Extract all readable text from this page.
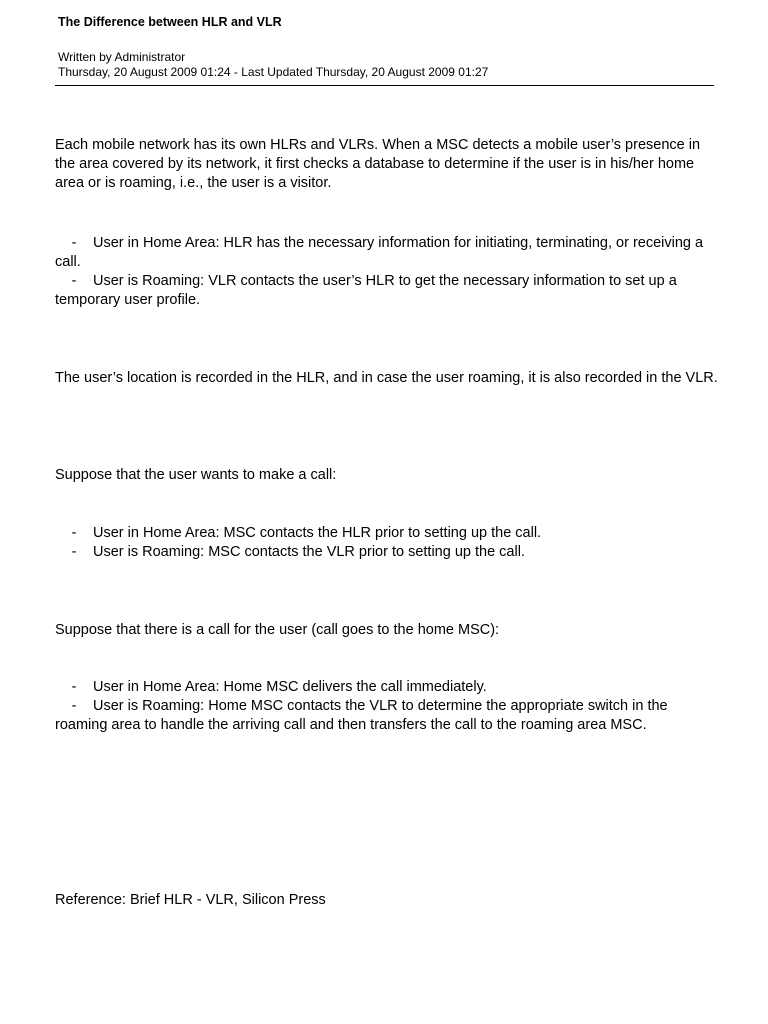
The Difference between HLR and VLR
Written by Administrator
Thursday, 20 August 2009 01:24 - Last Updated Thursday, 20 August 2009 01:27
Each mobile network has its own HLRs and VLRs. When a MSC detects a mobile user’s presence in the area covered by its network, it first checks a database to determine if the user is in his/her home area or is roaming, i.e., the user is a visitor.
- User in Home Area: HLR has the necessary information for initiating, terminating, or receiving a call.
- User is Roaming: VLR contacts the user’s HLR to get the necessary information to set up a temporary user profile.
The user’s location is recorded in the HLR, and in case the user roaming, it is also recorded in the VLR.
Suppose that the user wants to make a call:
- User in Home Area: MSC contacts the HLR prior to setting up the call.
- User is Roaming: MSC contacts the VLR prior to setting up the call.
Suppose that there is a call for the user (call goes to the home MSC):
- User in Home Area: Home MSC delivers the call immediately.
- User is Roaming: Home MSC contacts the VLR to determine the appropriate switch in the roaming area to handle the arriving call and then transfers the call to the roaming area MSC.
Reference: Brief HLR - VLR, Silicon Press
